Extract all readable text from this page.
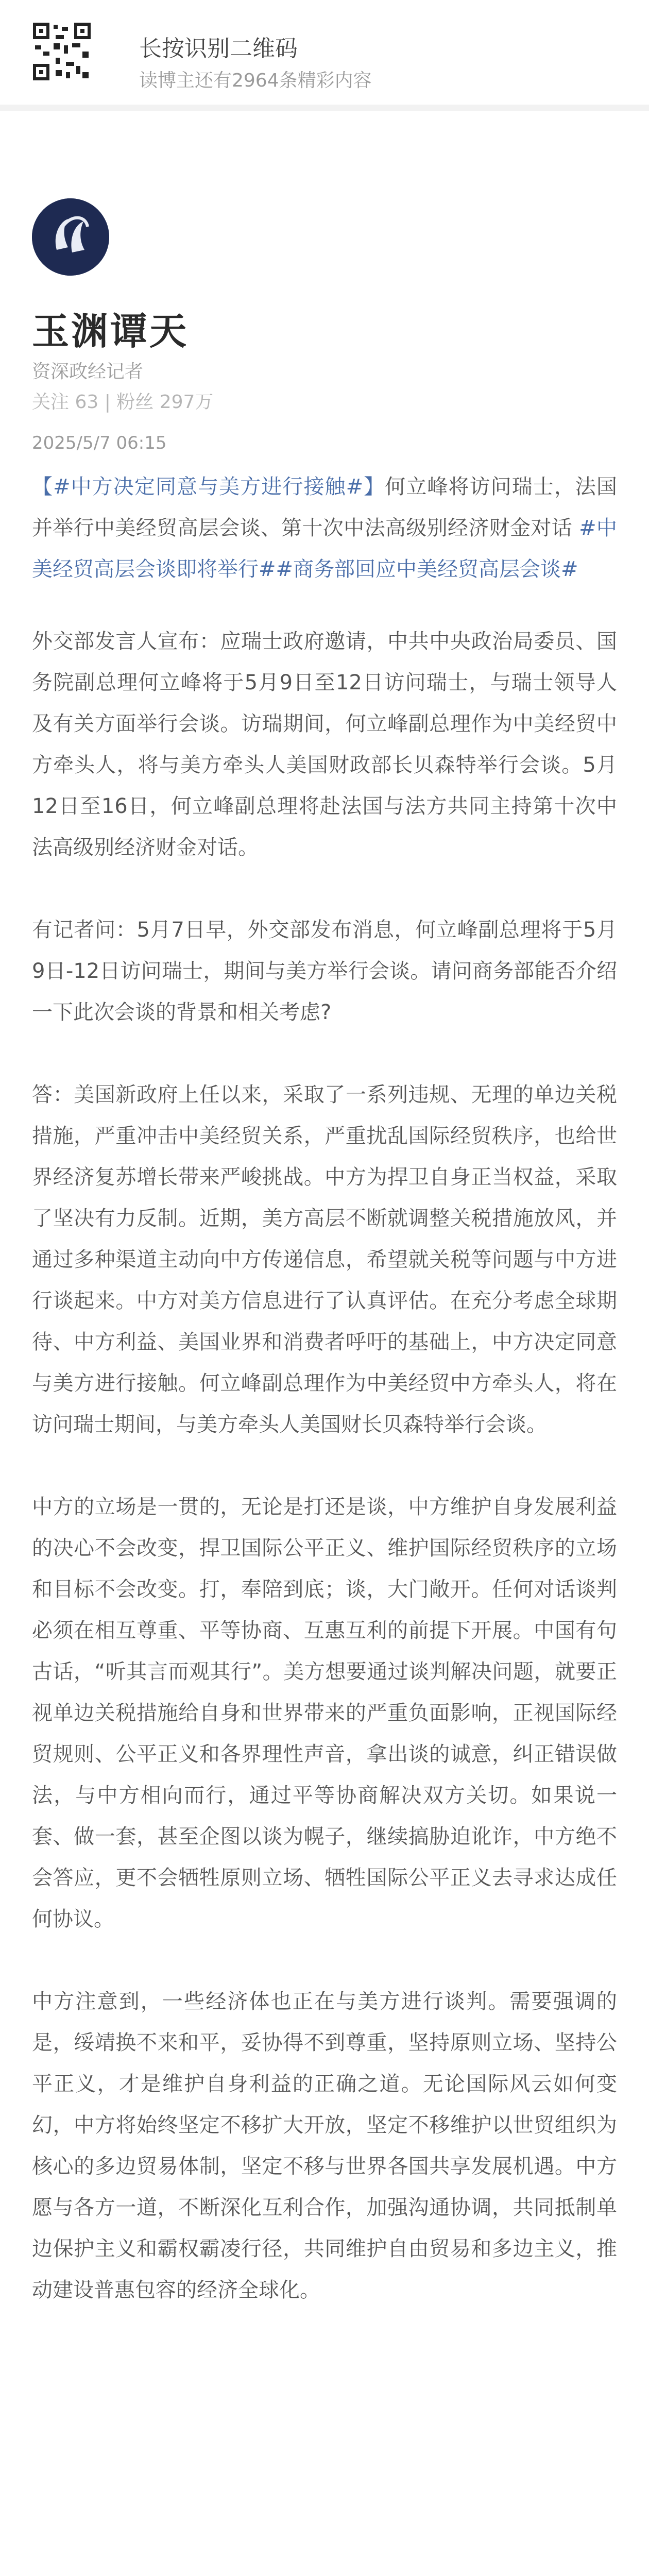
长按识别二维码
读博主还有2964条精彩内容
玉渊谭天
资深政经记者
关注 63 | 粉丝 297万
2025/5/7 06:15

【#中方决定同意与美方进行接触#】何立峰将访问瑞士，法国并举行中美经贸高层会谈、第十次中法高级别经济财金对话 #中美经贸高层会谈即将举行##商务部回应中美经贸高层会谈#

外交部发言人宣布：应瑞士政府邀请，中共中央政治局委员、国务院副总理何立峰将于5月9日至12日访问瑞士，与瑞士领导人及有关方面举行会谈。访瑞期间，何立峰副总理作为中美经贸中方牵头人，将与美方牵头人美国财政部长贝森特举行会谈。5月12日至16日，何立峰副总理将赴法国与法方共同主持第十次中法高级别经济财金对话。

有记者问：5月7日早，外交部发布消息，何立峰副总理将于5月9日-12日访问瑞士，期间与美方举行会谈。请问商务部能否介绍一下此次会谈的背景和相关考虑?

答：美国新政府上任以来，采取了一系列违规、无理的单边关税措施，严重冲击中美经贸关系，严重扰乱国际经贸秩序，也给世界经济复苏增长带来严峻挑战。中方为捍卫自身正当权益，采取了坚决有力反制。近期，美方高层不断就调整关税措施放风，并通过多种渠道主动向中方传递信息，希望就关税等问题与中方进行谈起来。中方对美方信息进行了认真评估。在充分考虑全球期待、中方利益、美国业界和消费者呼吁的基础上，中方决定同意与美方进行接触。何立峰副总理作为中美经贸中方牵头人，将在访问瑞士期间，与美方牵头人美国财长贝森特举行会谈。

中方的立场是一贯的，无论是打还是谈，中方维护自身发展利益的决心不会改变，捍卫国际公平正义、维护国际经贸秩序的立场和目标不会改变。打，奉陪到底；谈，大门敞开。任何对话谈判必须在相互尊重、平等协商、互惠互利的前提下开展。中国有句古话，“听其言而观其行”。美方想要通过谈判解决问题，就要正视单边关税措施给自身和世界带来的严重负面影响，正视国际经贸规则、公平正义和各界理性声音，拿出谈的诚意，纠正错误做法，与中方相向而行，通过平等协商解决双方关切。如果说一套、做一套，甚至企图以谈为幌子，继续搞胁迫讹诈，中方绝不会答应，更不会牺牲原则立场、牺牲国际公平正义去寻求达成任何协议。

中方注意到，一些经济体也正在与美方进行谈判。需要强调的是，绥靖换不来和平，妥协得不到尊重，坚持原则立场、坚持公平正义，才是维护自身利益的正确之道。无论国际风云如何变幻，中方将始终坚定不移扩大开放，坚定不移维护以世贸组织为核心的多边贸易体制，坚定不移与世界各国共享发展机遇。中方愿与各方一道，不断深化互利合作，加强沟通协调，共同抵制单边保护主义和霸权霸凌行径，共同维护自由贸易和多边主义，推动建设普惠包容的经济全球化。
